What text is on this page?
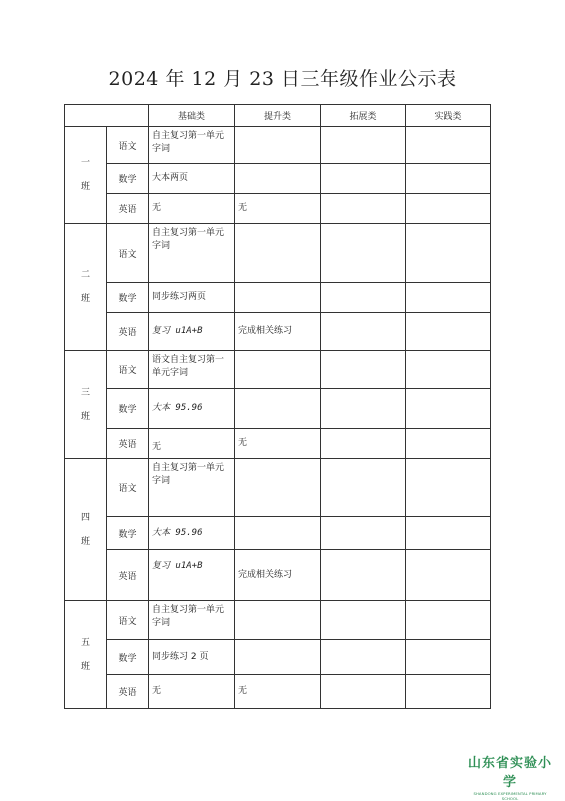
2024 年 12 月 23 日三年级作业公示表
		基础类	提升类	拓展类	实践类
一
班	语文	自主复习第一单元字词			
	数学	大本两页			
	英语	无	无		
二
班	语文	自主复习第一单元字词			
	数学	同步练习两页			
	英语	复习 u1A+B	完成相关练习		
三
班	语文	语文自主复习第一单元字词			
	数学	大本 95.96			
	英语	无	无		
四
班	语文	自主复习第一单元字词			
	数学	大本 95.96			
	英语	复习 u1A+B	完成相关练习		
五
班	语文	自主复习第一单元字词			
	数学	同步练习 2 页			
	英语	无	无		
山东省实验小学
SHANDONG EXPERIMENTAL PRIMARY SCHOOL
